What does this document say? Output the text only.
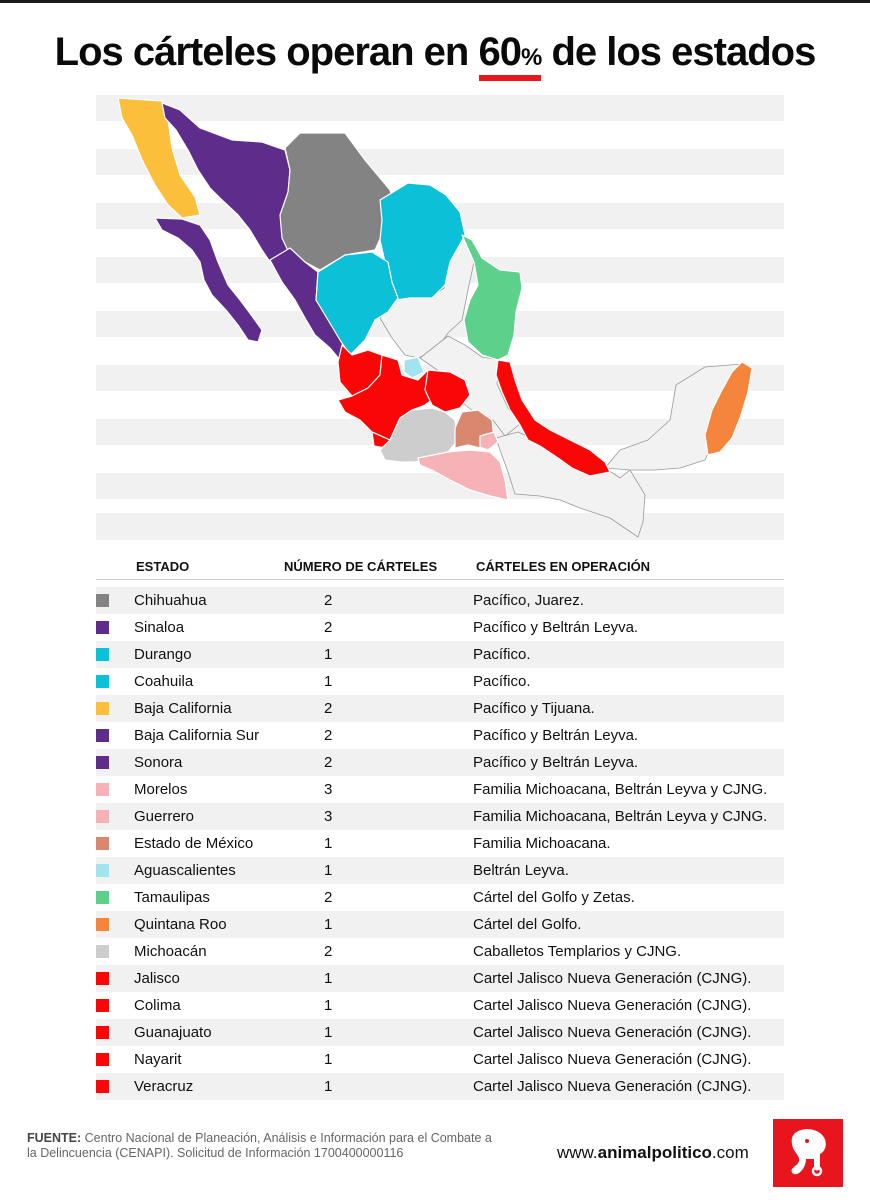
Los cárteles operan en 60% de los estados
ESTADO	NÚMERO DE CÁRTELES	CÁRTELES EN OPERACIÓN
Chihuahua	2	Pacífico, Juarez.
Sinaloa	2	Pacífico y Beltrán Leyva.
Durango	1	Pacífico.
Coahuila	1	Pacífico.
Baja California	2	Pacífico y Tijuana.
Baja California Sur	2	Pacífico y Beltrán Leyva.
Sonora	2	Pacífico y Beltrán Leyva.
Morelos	3	Familia Michoacana, Beltrán Leyva y CJNG.
Guerrero	3	Familia Michoacana, Beltrán Leyva y CJNG.
Estado de México	1	Familia Michoacana.
Aguascalientes	1	Beltrán Leyva.
Tamaulipas	2	Cártel del Golfo y Zetas.
Quintana Roo	1	Cártel del Golfo.
Michoacán	2	Caballetos Templarios y CJNG.
Jalisco	1	Cartel Jalisco Nueva Generación (CJNG).
Colima	1	Cartel Jalisco Nueva Generación (CJNG).
Guanajuato	1	Cartel Jalisco Nueva Generación (CJNG).
Nayarit	1	Cartel Jalisco Nueva Generación (CJNG).
Veracruz	1	Cartel Jalisco Nueva Generación (CJNG).
FUENTE: Centro Nacional de Planeación, Análisis e Información para el Combate a la Delincuencia (CENAPI). Solicitud de Información 1700400000116	www.animalpolitico.com
